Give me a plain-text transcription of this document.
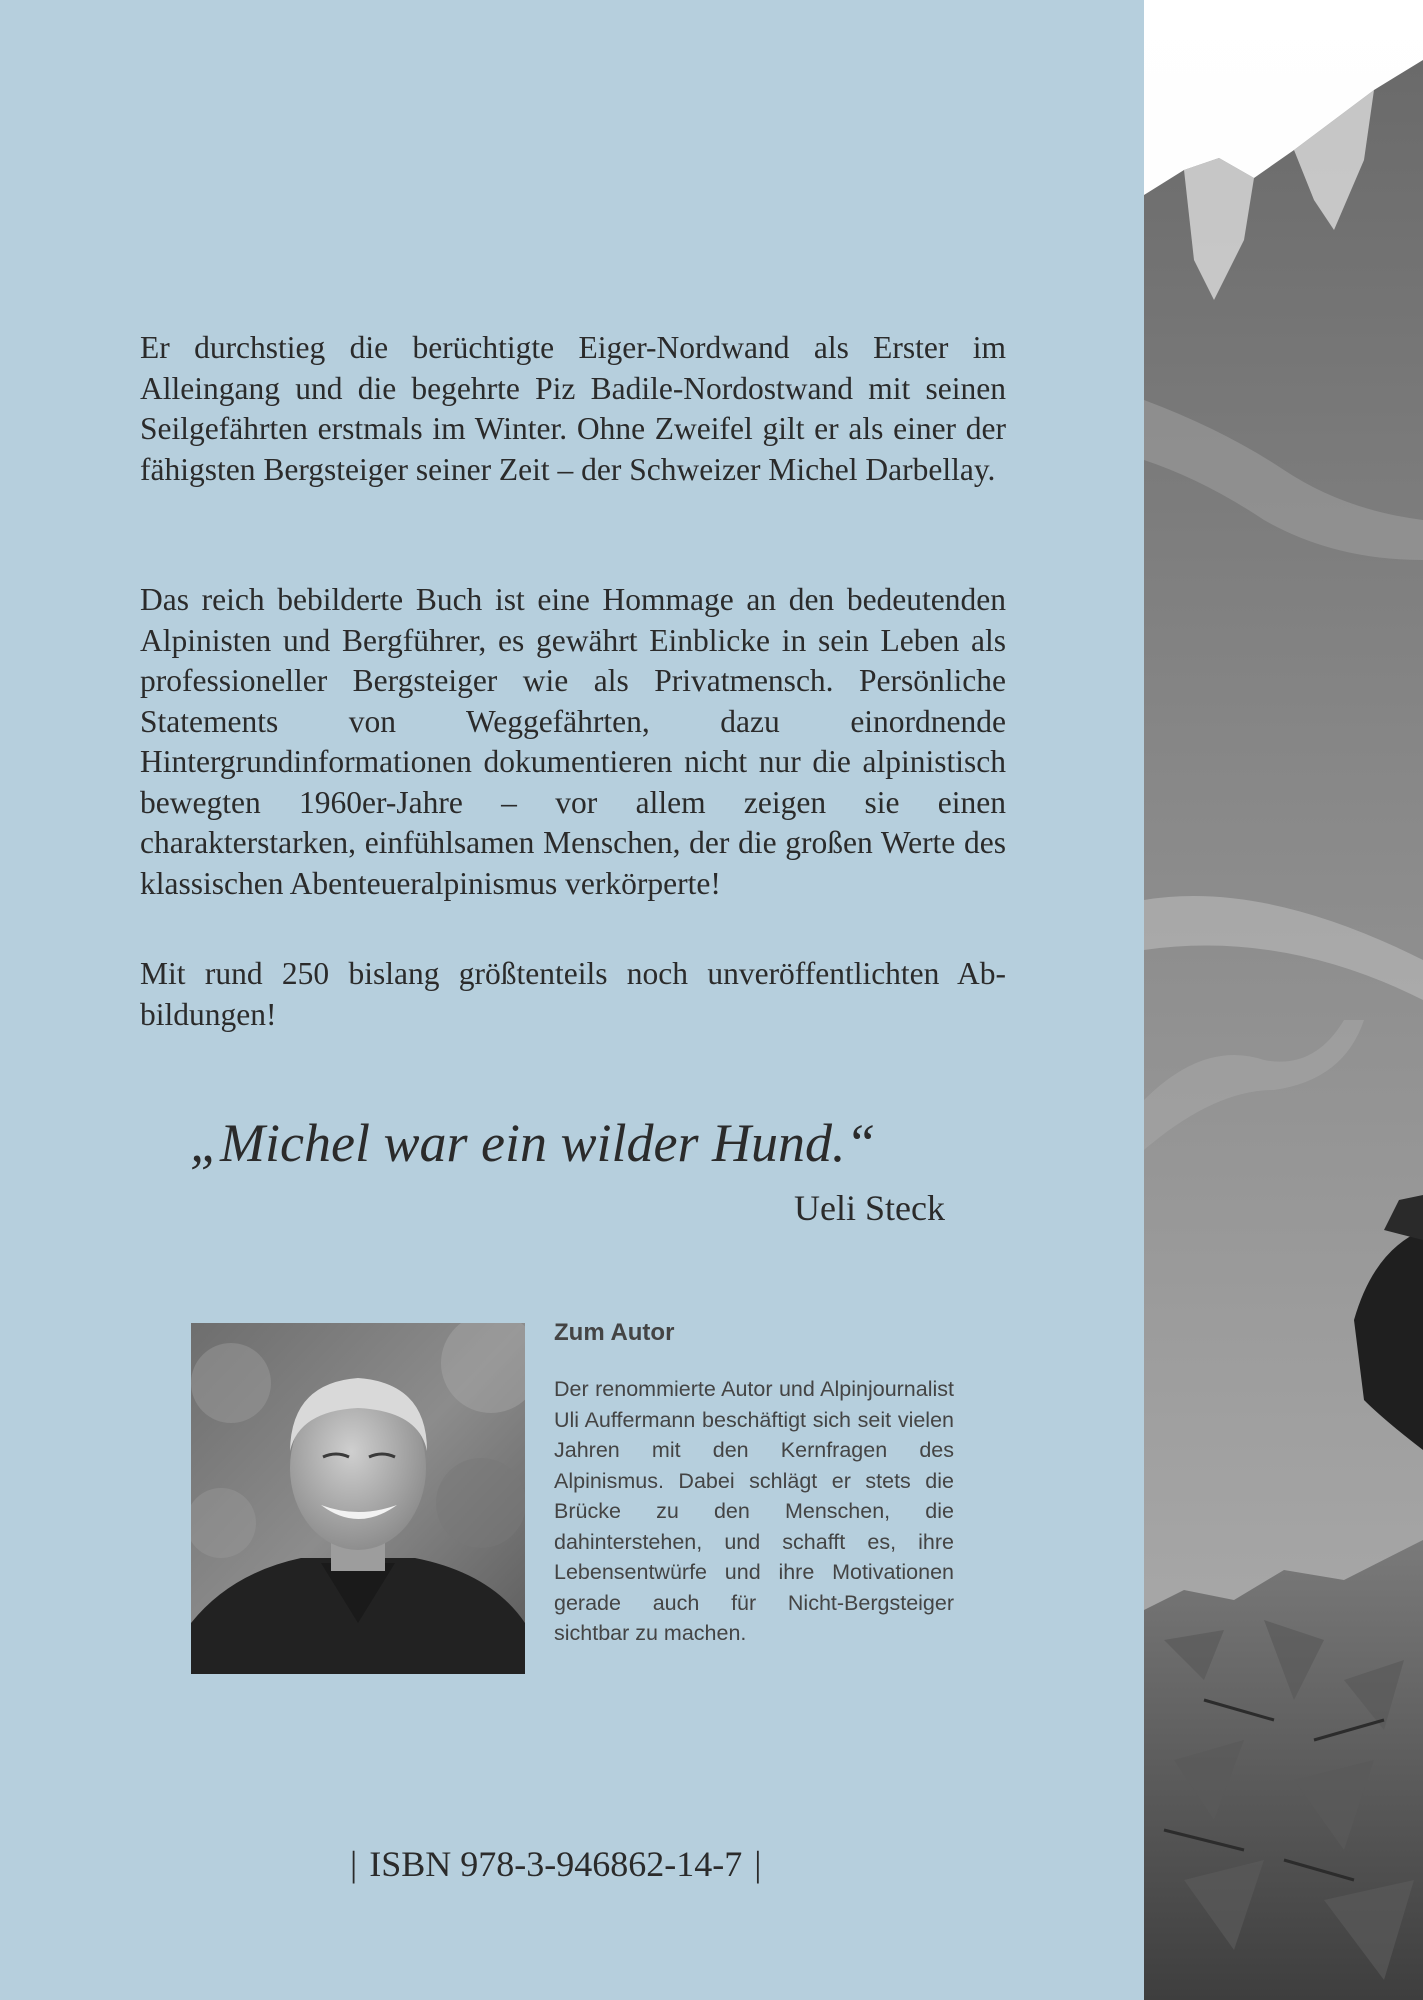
Er durchstieg die berüchtigte Eiger-Nordwand als Erster im Alleingang und die begehrte Piz Badile-Nordostwand mit seinen Seilgefährten erstmals im Winter. Ohne Zweifel gilt er als einer der fähigsten Bergsteiger seiner Zeit – der Schweizer Michel Darbellay.

Das reich bebilderte Buch ist eine Hommage an den bedeutenden Alpinisten und Bergführer, es gewährt Einblicke in sein Leben als professioneller Bergsteiger wie als Privatmensch. Persönliche Statements von Weggefährten, dazu einordnende Hintergrundinformationen dokumentieren nicht nur die alpinistisch bewegten 1960er-Jahre – vor allem zeigen sie einen charakterstarken, einfühlsamen Menschen, der die großen Werte des klassischen Abenteueralpinismus verkörperte!

Mit rund 250 bislang größtenteils noch unveröffentlichten Abbildungen!

„Michel war ein wilder Hund.“

Ueli Steck

Zum Autor

Der renommierte Autor und Alpinjournalist Uli Auffermann beschäftigt sich seit vielen Jahren mit den Kernfragen des Alpinismus. Dabei schlägt er stets die Brücke zu den Menschen, die dahinterstehen, und schafft es, ihre Lebensentwürfe und ihre Motivationen gerade auch für Nicht-Bergsteiger sichtbar zu machen.

| ISBN 978-3-946862-14-7 |
